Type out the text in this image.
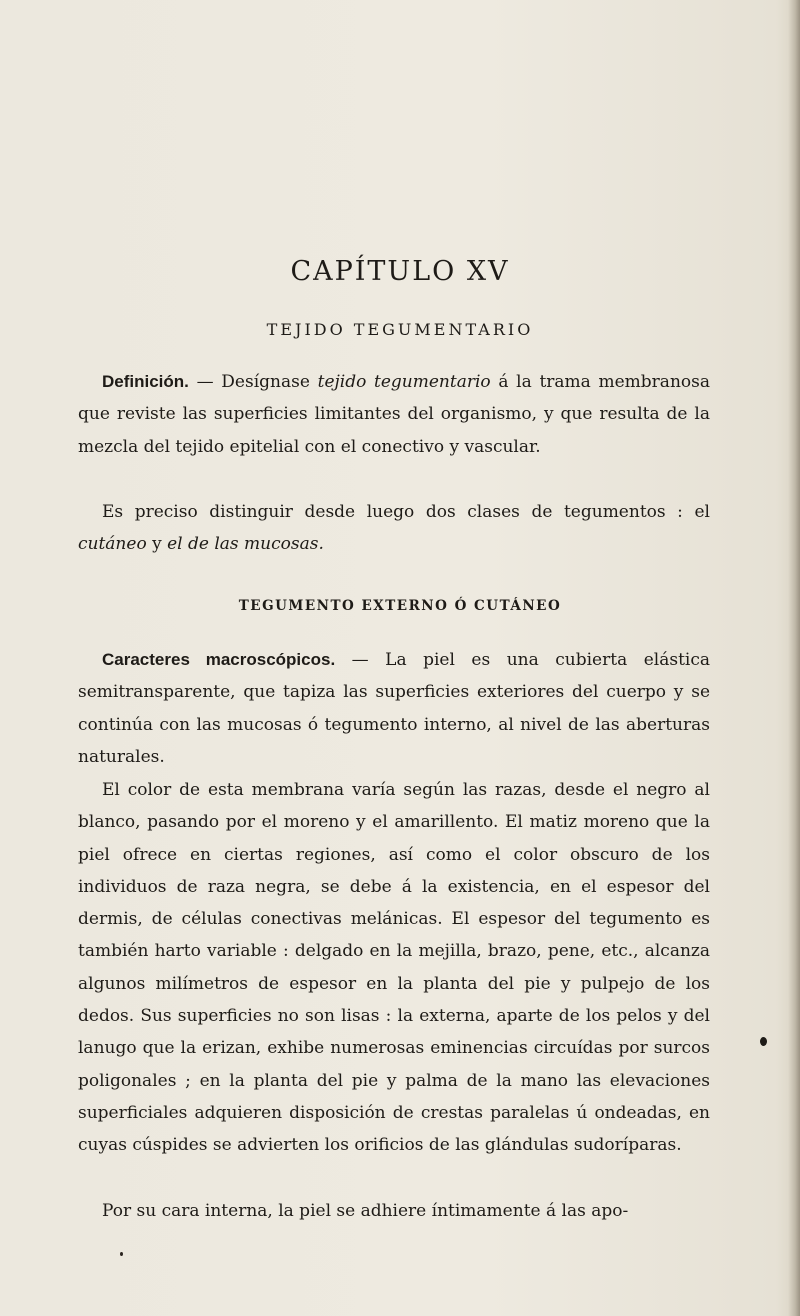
CAPÍTULO XV
TEJIDO TEGUMENTARIO

Definición. — Desígnase tejido tegumentario á la trama membranosa que reviste las superficies limitantes del organismo, y que resulta de la mezcla del tejido epitelial con el conectivo y vascular.

Es preciso distinguir desde luego dos clases de tegumentos : el cutáneo y el de las mucosas.

TEGUMENTO EXTERNO Ó CUTÁNEO

Caracteres macroscópicos. — La piel es una cubierta elástica semitransparente, que tapiza las superficies exteriores del cuerpo y se continúa con las mucosas ó tegumento interno, al nivel de las aberturas naturales.

El color de esta membrana varía según las razas, desde el negro al blanco, pasando por el moreno y el amarillento. El matiz moreno que la piel ofrece en ciertas regiones, así como el color obscuro de los individuos de raza negra, se debe á la existencia, en el espesor del dermis, de células conectivas melánicas. El espesor del tegumento es también harto variable : delgado en la mejilla, brazo, pene, etc., alcanza algunos milímetros de espesor en la planta del pie y pulpejo de los dedos. Sus superficies no son lisas : la externa, aparte de los pelos y del lanugo que la erizan, exhibe numerosas eminencias circuídas por surcos poligonales ; en la planta del pie y palma de la mano las elevaciones superficiales adquieren disposición de crestas paralelas ú ondeadas, en cuyas cúspides se advierten los orificios de las glándulas sudoríparas.

Por su cara interna, la piel se adhiere íntimamente á las apo-
